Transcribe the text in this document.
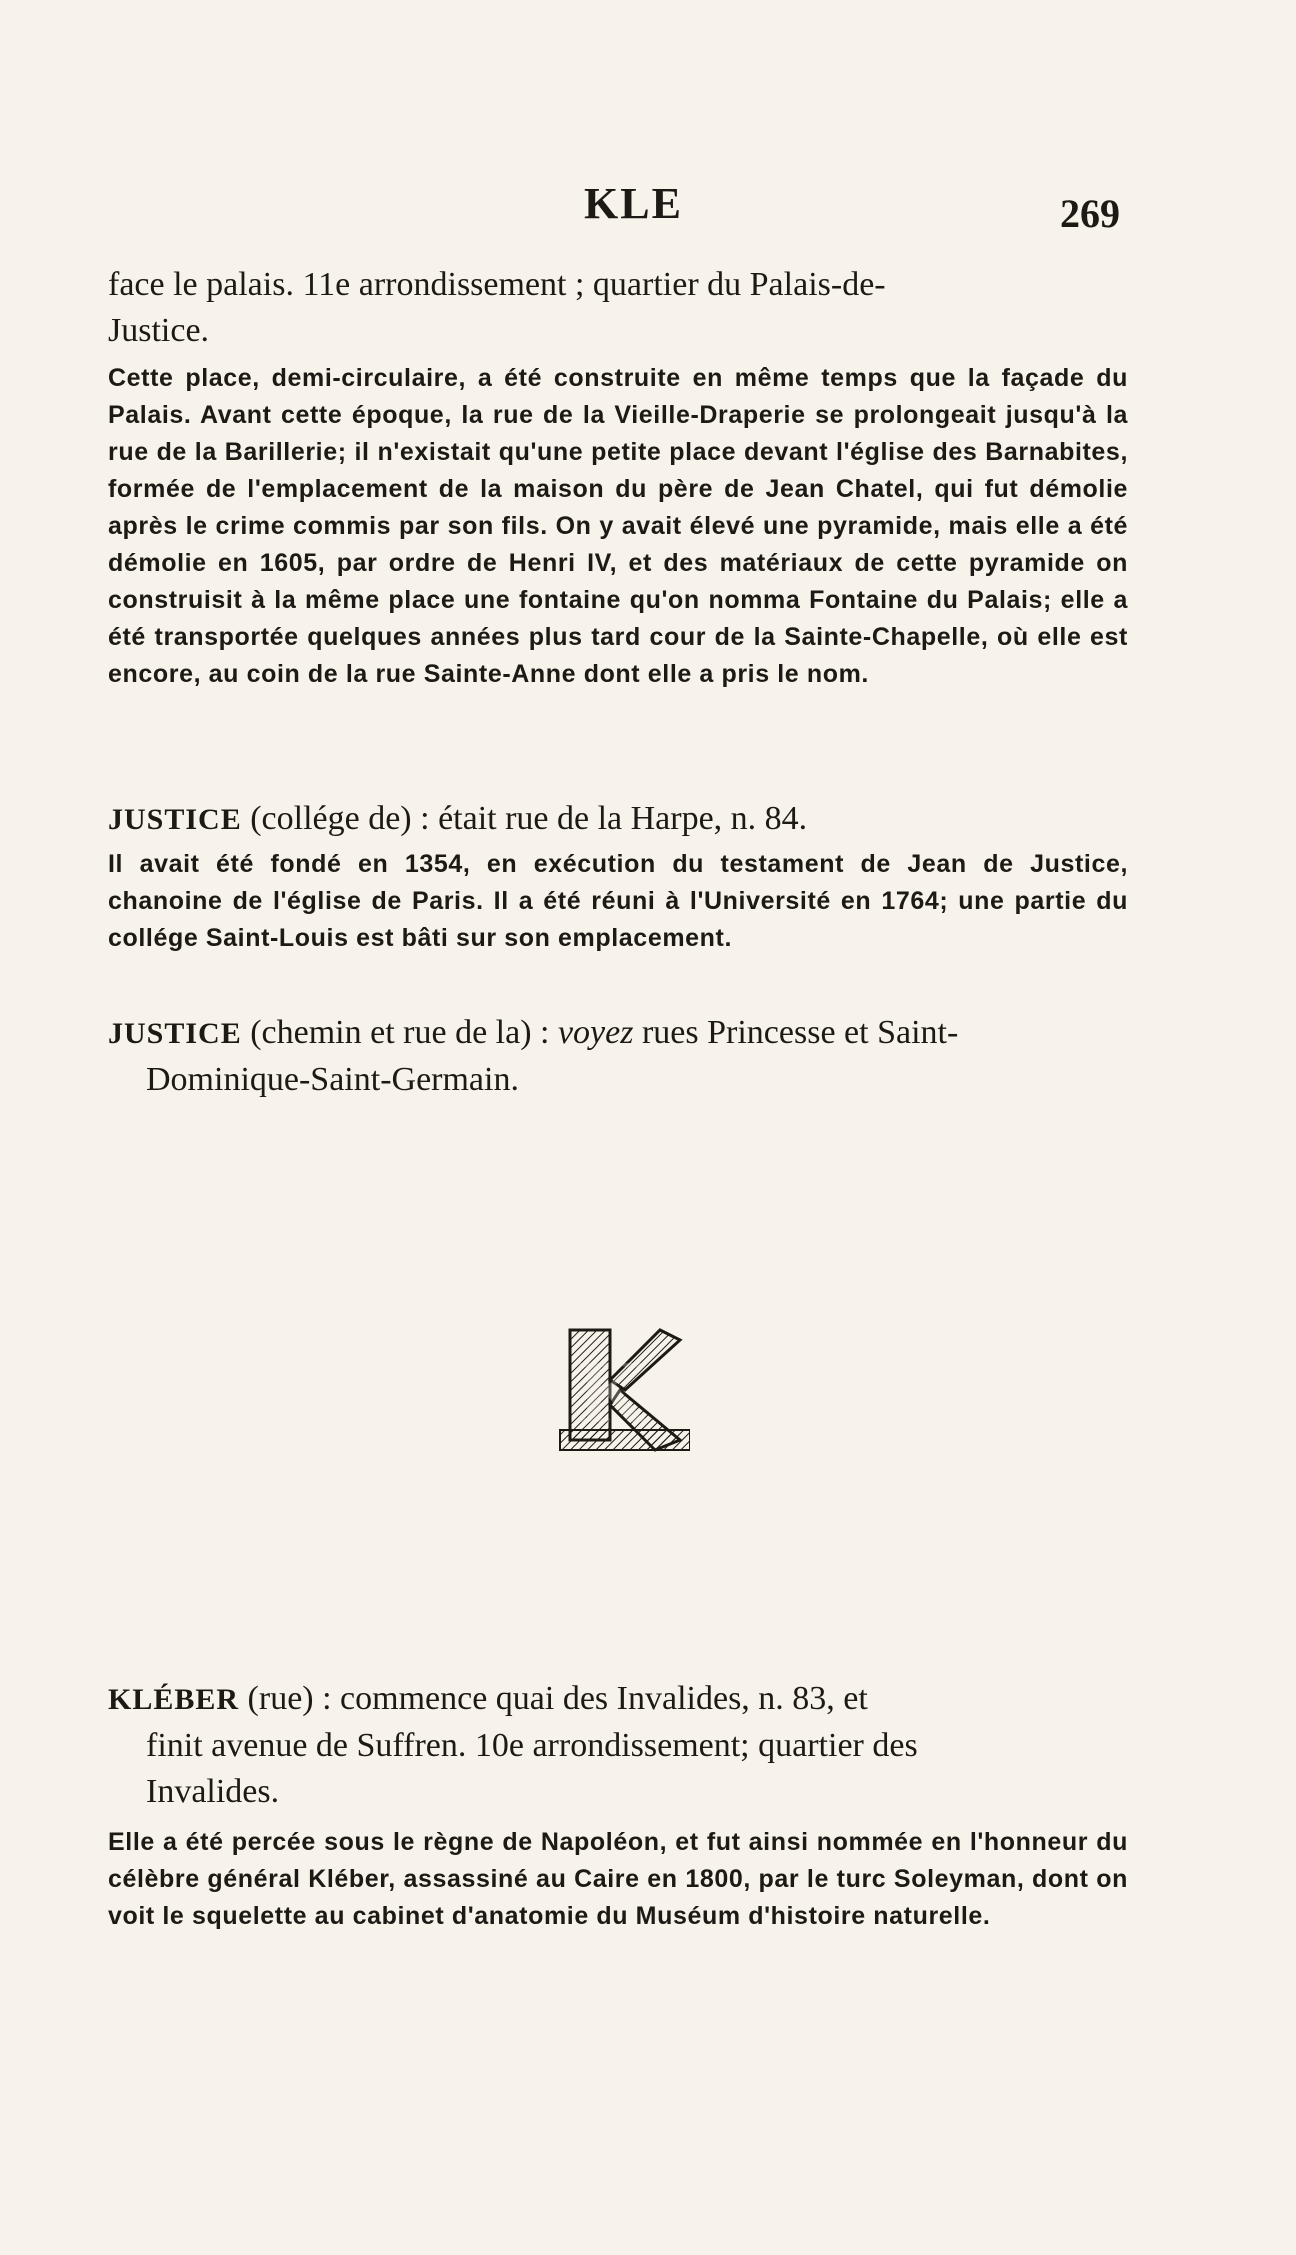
KLE	269

face le palais. 11e arrondissement ; quartier du Palais-de-
Justice.

Cette place, demi-circulaire, a été construite en même temps que la façade du Palais. Avant cette époque, la rue de la Vieille-Draperie se prolongeait jusqu'à la rue de la Barillerie; il n'existait qu'une petite place devant l'église des Barnabites, formée de l'emplacement de la maison du père de Jean Chatel, qui fut démolie après le crime commis par son fils. On y avait élevé une pyramide, mais elle a été démolie en 1605, par ordre de Henri IV, et des matériaux de cette pyramide on construisit à la même place une fontaine qu'on nomma Fontaine du Palais; elle a été transportée quelques années plus tard cour de la Sainte-Chapelle, où elle est encore, au coin de la rue Sainte-Anne dont elle a pris le nom.

JUSTICE (collége de) : était rue de la Harpe, n. 84.

Il avait été fondé en 1354, en exécution du testament de Jean de Justice, chanoine de l'église de Paris. Il a été réuni à l'Université en 1764; une partie du collége Saint-Louis est bâti sur son emplacement.

JUSTICE (chemin et rue de la) : voyez rues Princesse et Saint-
Dominique-Saint-Germain.

K

KLÉBER (rue) : commence quai des Invalides, n. 83, et
finit avenue de Suffren. 10e arrondissement; quartier des
Invalides.

Elle a été percée sous le règne de Napoléon, et fut ainsi nommée en l'honneur du célèbre général Kléber, assassiné au Caire en 1800, par le turc Soleyman, dont on voit le squelette au cabinet d'anatomie du Muséum d'histoire naturelle.
